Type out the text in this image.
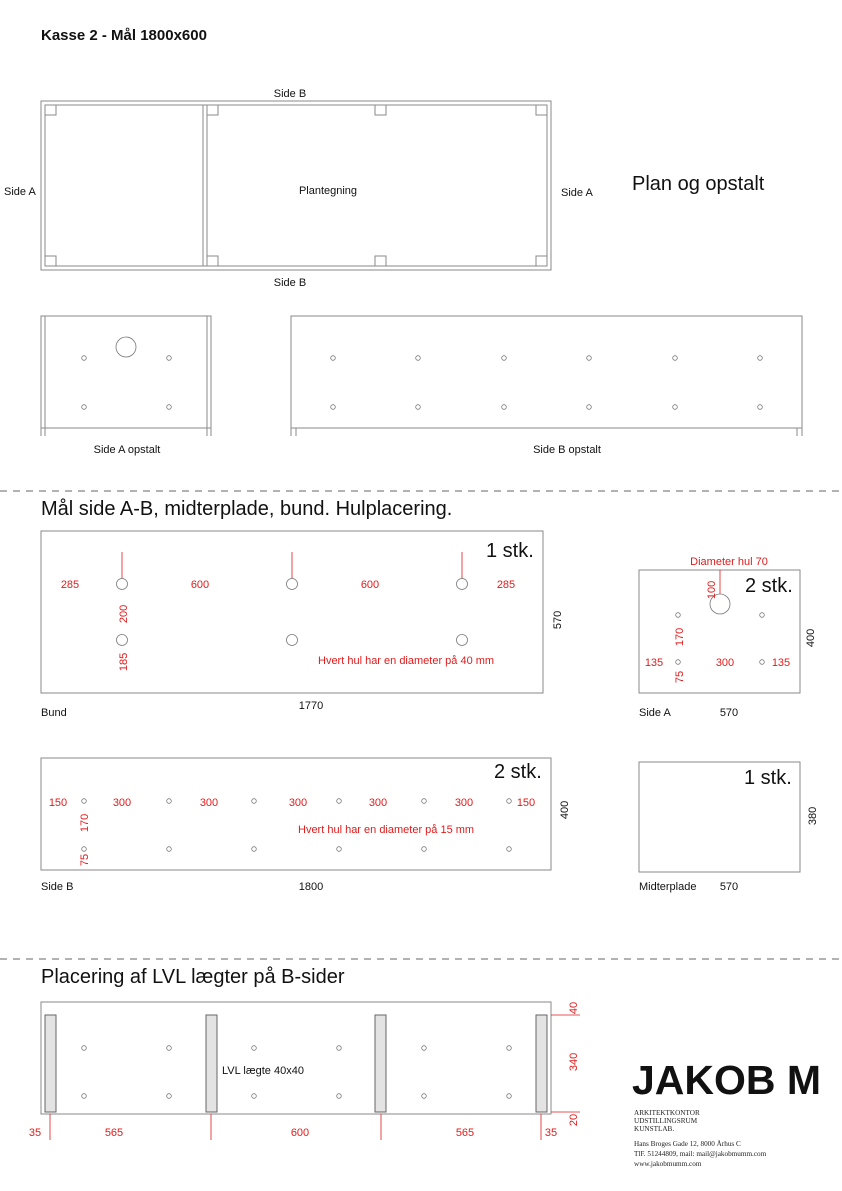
Kasse 2 - Mål 1800x600
Side B
Side B
Side A	Side A
Plantegning	Plan og opstalt
Side A opstalt	Side B opstalt
Mål side A-B, midterplade, bund. Hulplacering.
1 stk.
285	600	600	285
200
185	Hvert hul har en diameter på 40 mm
570
1770
Bund
Diameter hul 70
2 stk.
100
170
75
135	300	135
400
Side A	570
2 stk.
150	300	300	300	300	300	150
170
75
Hvert hul har en diameter på 15 mm
400
1800
Side B
1 stk.
380
Midterplade 570
Placering af LVL lægter på B-sider
LVL lægte 40x40
35	565	600	565	35
40
340
20
JAKOB M
ARKITEKTKONTOR
UDSTILLINGSRUM
KUNSTLAB.
Hans Broges Gade 12, 8000 Århus C
TlF. 51244809, mail: mail@jakobmumm.com
www.jakobmumm.com
